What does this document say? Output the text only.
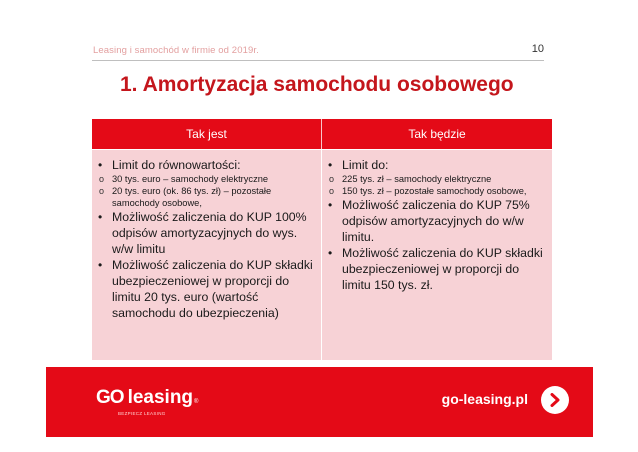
Leasing i samochód w firmie od 2019r.	10
1. Amortyzacja samochodu osobowego
Tak jest	Tak będzie
• Limit do równowartości:
o 30 tys. euro – samochody elektryczne
o 20 tys. euro (ok. 86 tys. zł) – pozostałe samochody osobowe,
• Możliwość zaliczenia do KUP 100% odpisów amortyzacyjnych do wys. w/w limitu
• Możliwość zaliczenia do KUP składki ubezpieczeniowej w proporcji do limitu 20 tys. euro (wartość samochodu do ubezpieczenia)
• Limit do:
o 225 tys. zł – samochody elektryczne
o 150 tys. zł – pozostałe samochody osobowe,
• Możliwość zaliczenia do KUP 75% odpisów amortyzacyjnych do w/w limitu.
• Możliwość zaliczenia do KUP składki ubezpieczeniowej w proporcji do limitu 150 tys. zł.
GO leasing ®
BEZPIECZ LEASING
go-leasing.pl
